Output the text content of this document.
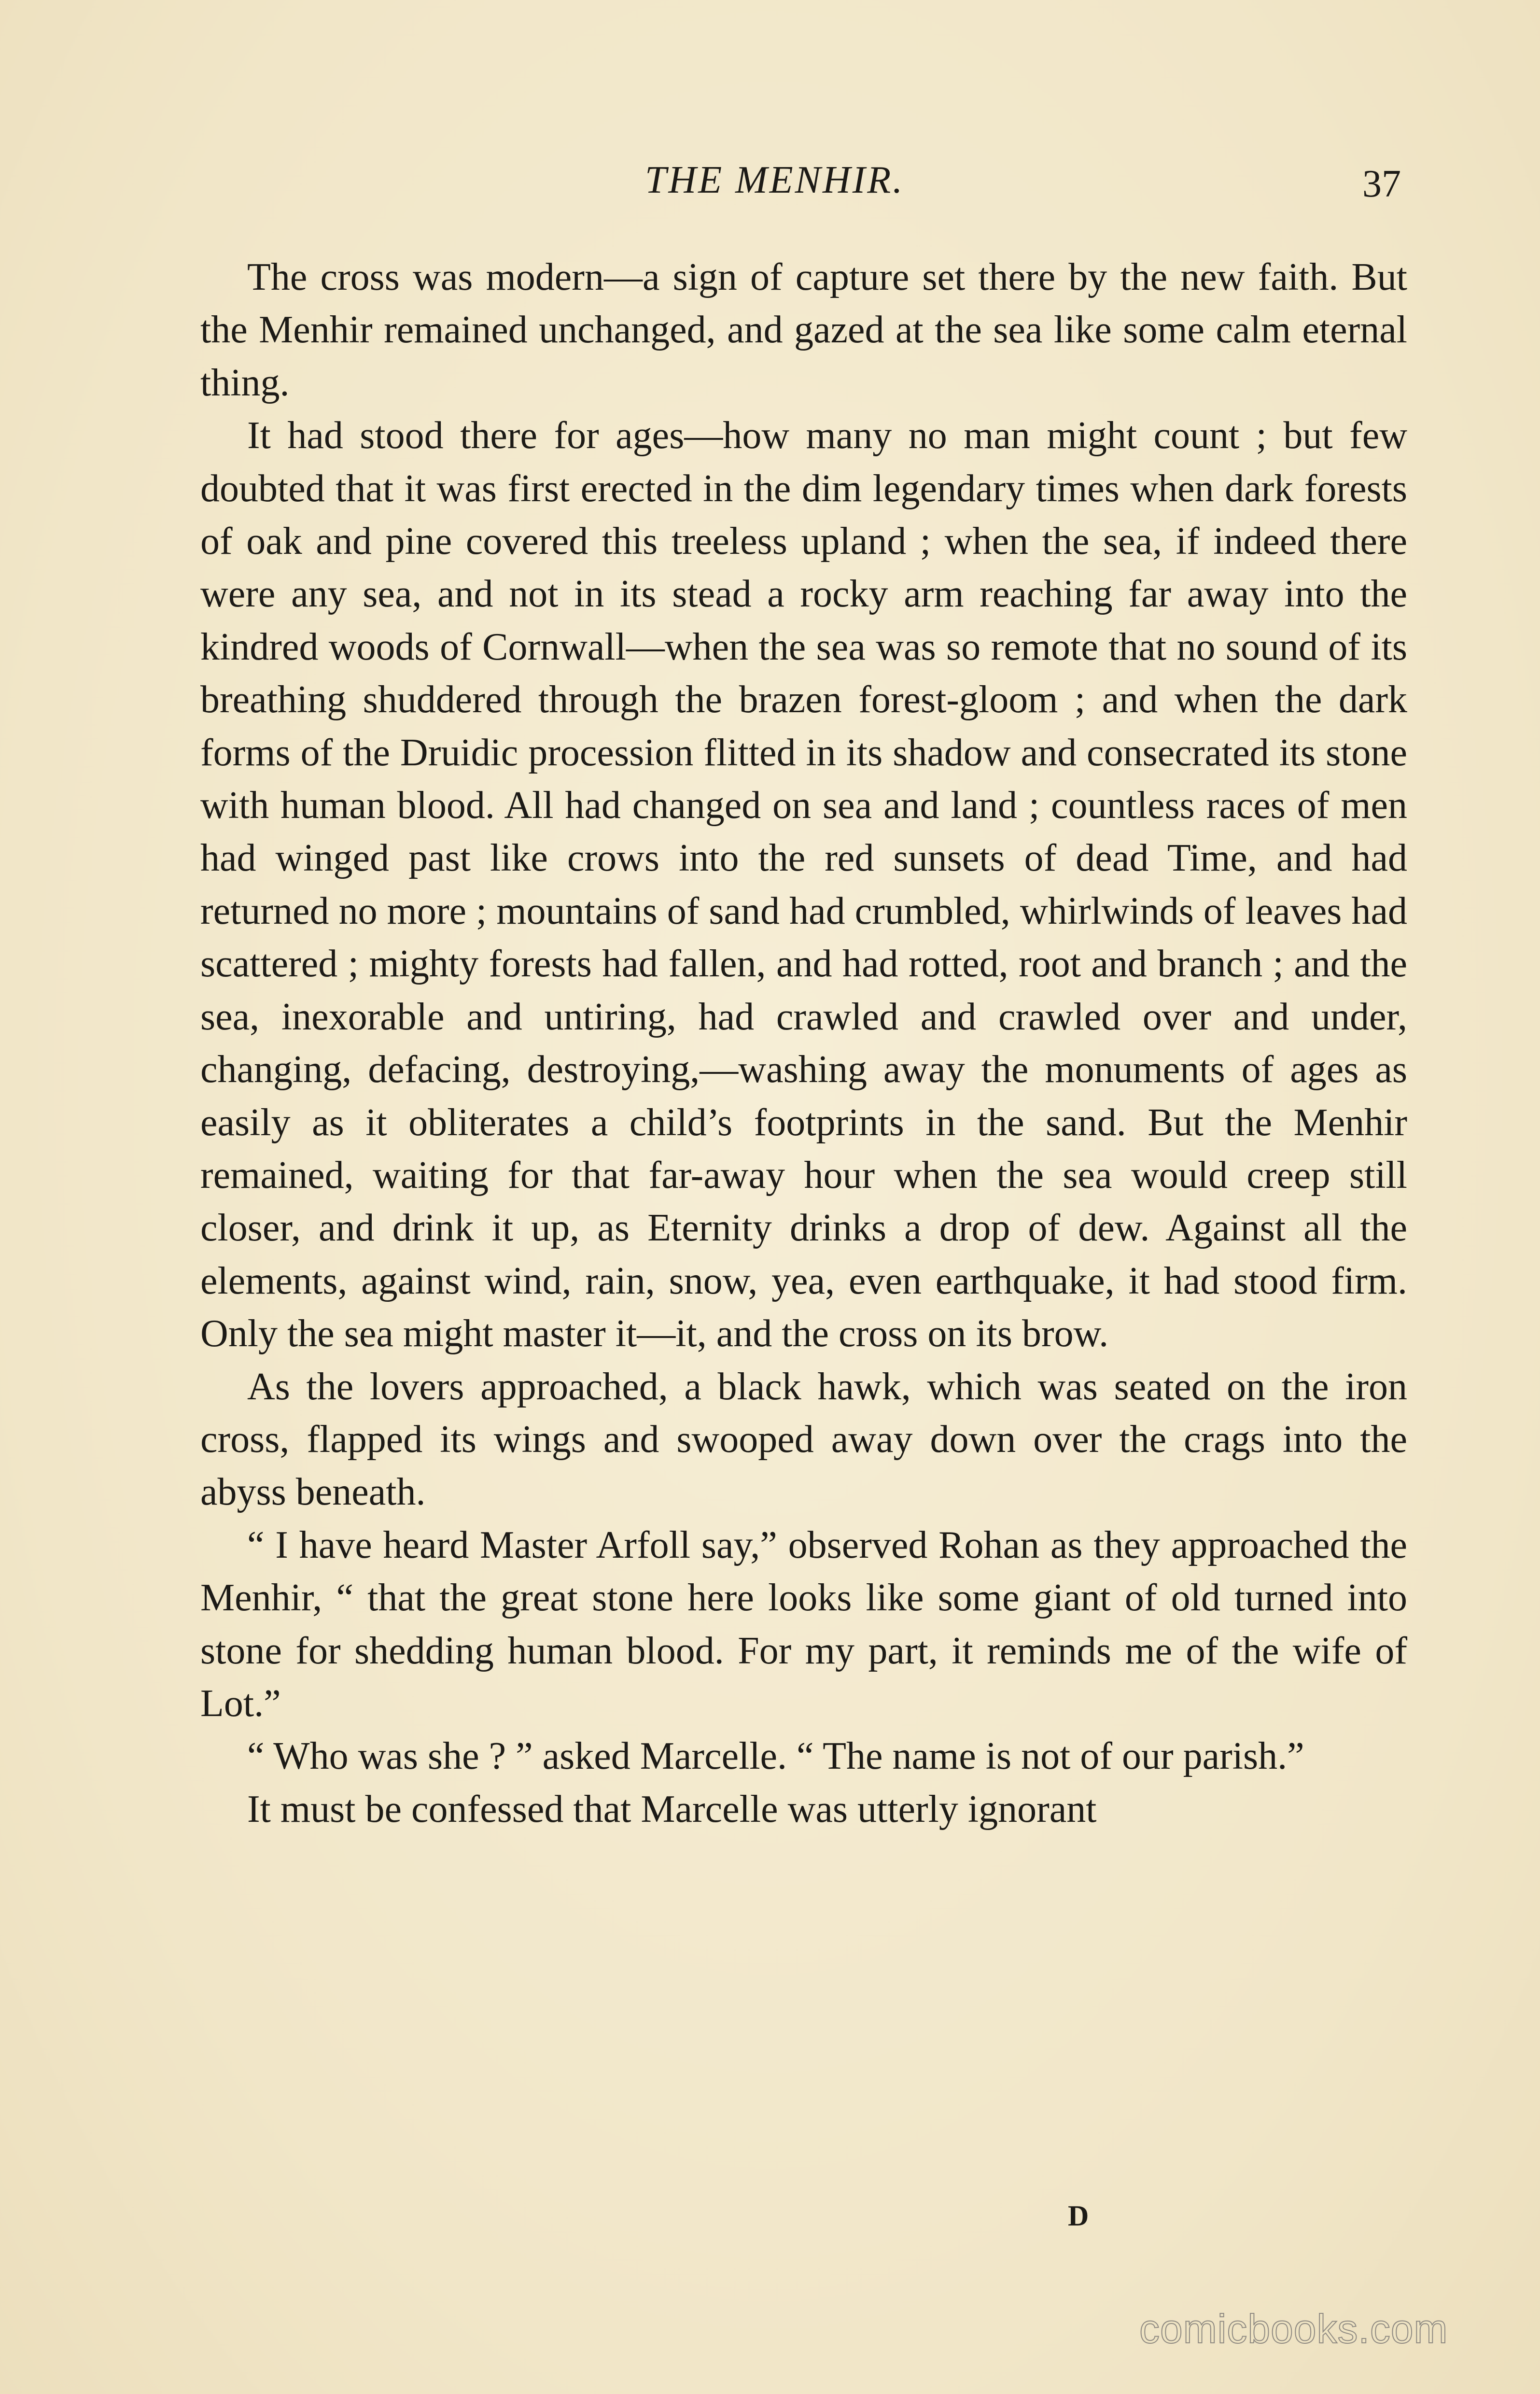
THE MENHIR.	37

The cross was modern—a sign of capture set there by the new faith. But the Menhir remained unchanged, and gazed at the sea like some calm eternal thing.

It had stood there for ages—how many no man might count ; but few doubted that it was first erected in the dim legendary times when dark forests of oak and pine covered this treeless upland ; when the sea, if indeed there were any sea, and not in its stead a rocky arm reaching far away into the kindred woods of Cornwall—when the sea was so remote that no sound of its breathing shuddered through the brazen forest-gloom ; and when the dark forms of the Druidic procession flitted in its shadow and consecrated its stone with human blood. All had changed on sea and land ; countless races of men had winged past like crows into the red sunsets of dead Time, and had returned no more ; mountains of sand had crumbled, whirlwinds of leaves had scattered ; mighty forests had fallen, and had rotted, root and branch ; and the sea, inexorable and untiring, had crawled and crawled over and under, changing, defacing, destroying,—washing away the monuments of ages as easily as it obliterates a child’s footprints in the sand. But the Menhir remained, waiting for that far-away hour when the sea would creep still closer, and drink it up, as Eternity drinks a drop of dew. Against all the elements, against wind, rain, snow, yea, even earthquake, it had stood firm. Only the sea might master it—it, and the cross on its brow.

As the lovers approached, a black hawk, which was seated on the iron cross, flapped its wings and swooped away down over the crags into the abyss beneath.

“ I have heard Master Arfoll say,” observed Rohan as they approached the Menhir, “ that the great stone here looks like some giant of old turned into stone for shedding human blood. For my part, it reminds me of the wife of Lot.”

“ Who was she ? ” asked Marcelle. “ The name is not of our parish.”

It must be confessed that Marcelle was utterly ignorant

D
comicbooks.com
